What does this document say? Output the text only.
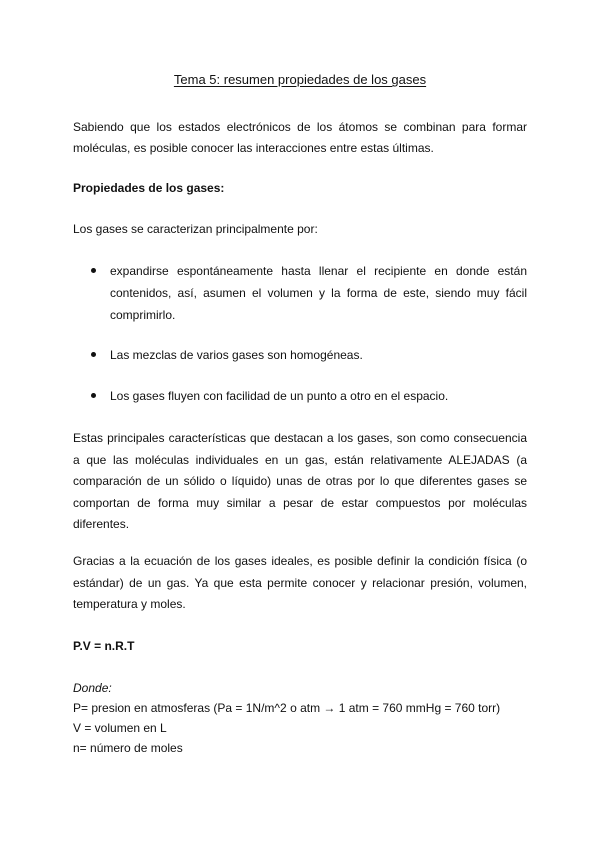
Tema 5: resumen propiedades de los gases

Sabiendo que los estados electrónicos de los átomos se combinan para formar moléculas, es posible conocer las interacciones entre estas últimas.

Propiedades de los gases:
Los gases se caracterizan principalmente por:
expandirse espontáneamente hasta llenar el recipiente en donde están contenidos, así, asumen el volumen y la forma de este, siendo muy fácil comprimirlo.
Las mezclas de varios gases son homogéneas.
Los gases fluyen con facilidad de un punto a otro en el espacio.

Estas principales características que destacan a los gases, son como consecuencia a que las moléculas individuales en un gas, están relativamente ALEJADAS (a comparación de un sólido o líquido) unas de otras por lo que diferentes gases se comportan de forma muy similar a pesar de estar compuestos por moléculas diferentes.

Gracias a la ecuación de los gases ideales, es posible definir la condición física (o estándar) de un gas. Ya que esta permite conocer y relacionar presión, volumen, temperatura y moles.

P.V = n.R.T
Donde:
P= presion en atmosferas (Pa = 1N/m^2 o atm → 1 atm = 760 mmHg = 760 torr)
V = volumen en L
n= número de moles
